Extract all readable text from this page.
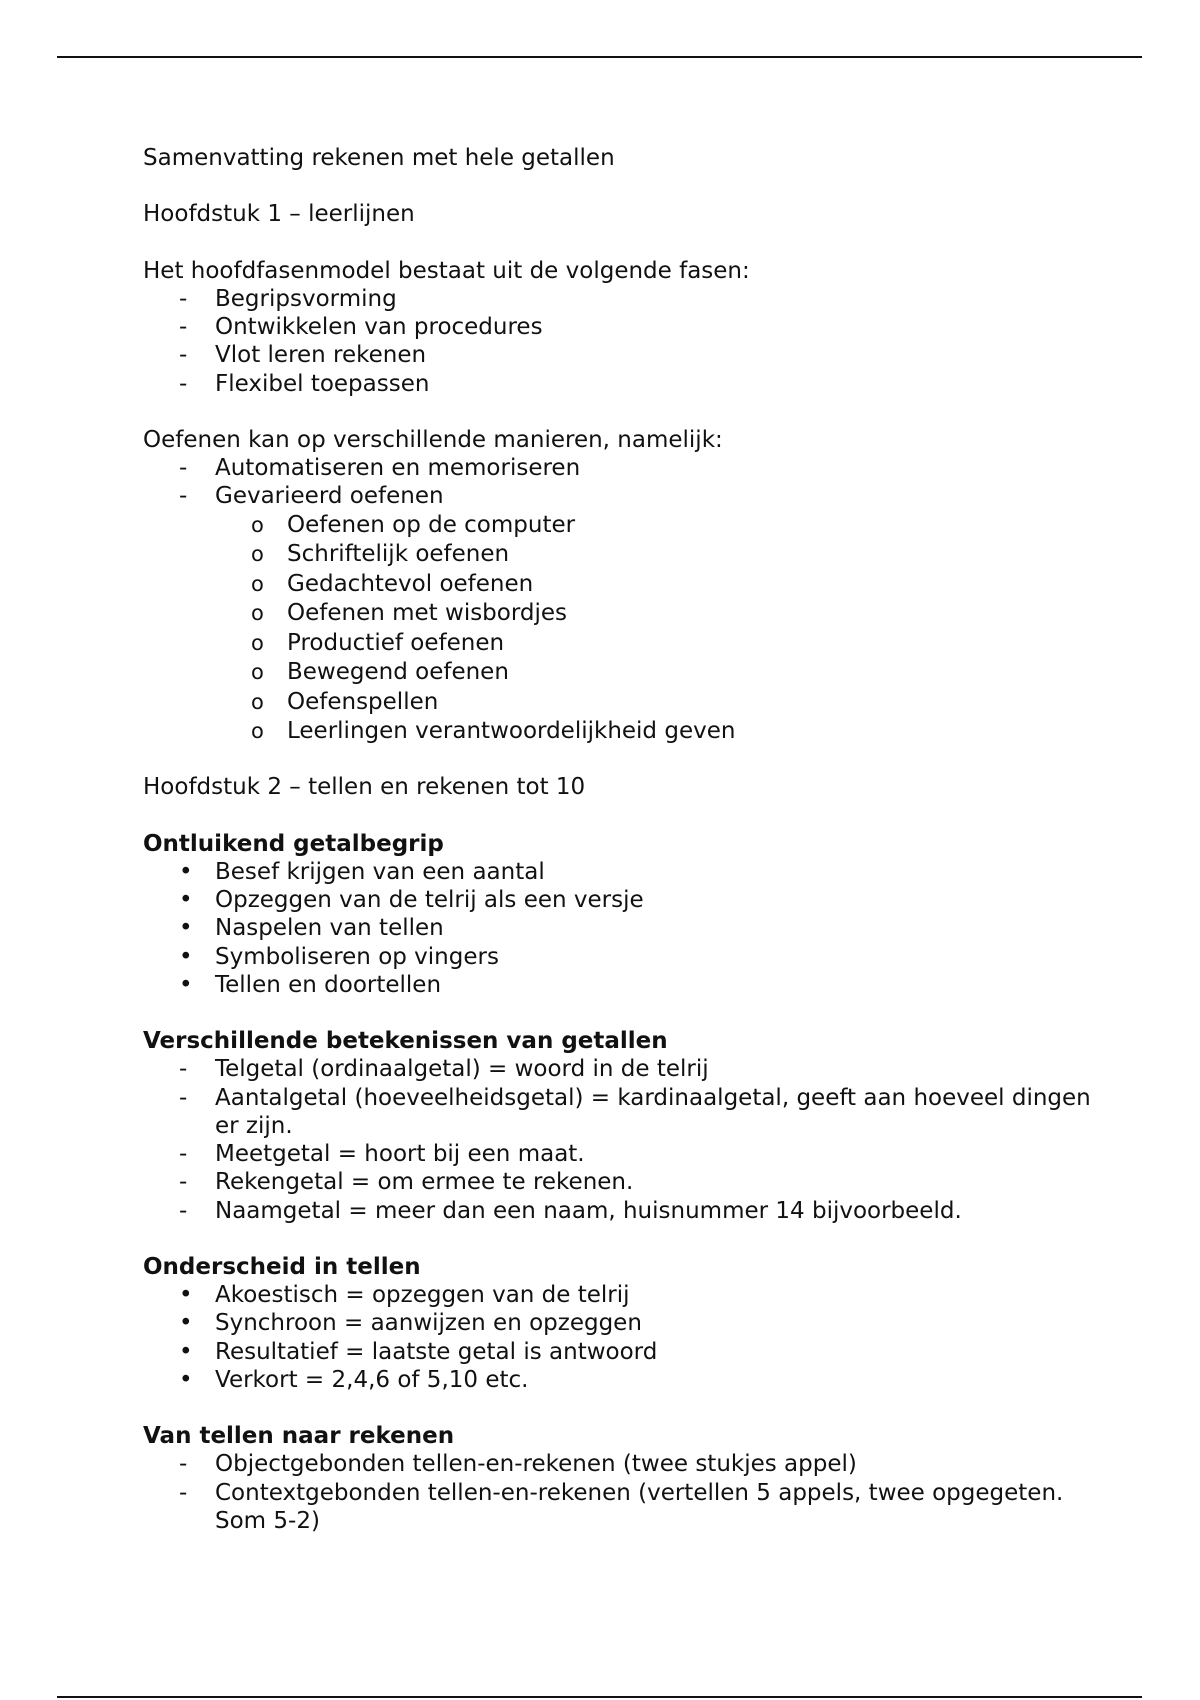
Samenvatting rekenen met hele getallen

Hoofdstuk 1 – leerlijnen

Het hoofdfasenmodel bestaat uit de volgende fasen:

- Begripsvorming
- Ontwikkelen van procedures
- Vlot leren rekenen
- Flexibel toepassen

Oefenen kan op verschillende manieren, namelijk:

- Automatiseren en memoriseren
- Gevarieerd oefenen
o Oefenen op de computer
o Schriftelijk oefenen
o Gedachtevol oefenen
o Oefenen met wisbordjes
o Productief oefenen
o Bewegend oefenen
o Oefenspellen
o Leerlingen verantwoordelijkheid geven

Hoofdstuk 2 – tellen en rekenen tot 10

Ontluikend getalbegrip

• Besef krijgen van een aantal
• Opzeggen van de telrij als een versje
• Naspelen van tellen
• Symboliseren op vingers
• Tellen en doortellen

Verschillende betekenissen van getallen

- Telgetal (ordinaalgetal) = woord in de telrij
- Aantalgetal (hoeveelheidsgetal) = kardinaalgetal, geeft aan hoeveel dingen er zijn.
- Meetgetal = hoort bij een maat.
- Rekengetal = om ermee te rekenen.
- Naamgetal = meer dan een naam, huisnummer 14 bijvoorbeeld.

Onderscheid in tellen

• Akoestisch = opzeggen van de telrij
• Synchroon = aanwijzen en opzeggen
• Resultatief = laatste getal is antwoord
• Verkort = 2,4,6 of 5,10 etc.

Van tellen naar rekenen

- Objectgebonden tellen-en-rekenen (twee stukjes appel)
- Contextgebonden tellen-en-rekenen (vertellen 5 appels, twee opgegeten. Som 5-2)
